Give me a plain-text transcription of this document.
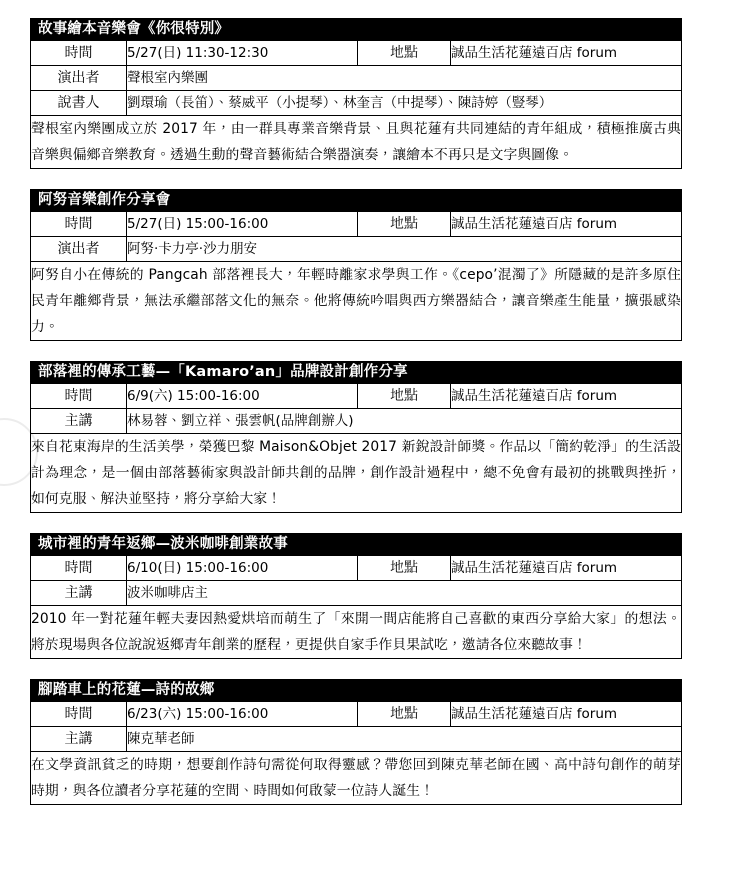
故事繪本音樂會《你很特別》
時間	5/27(日) 11:30-12:30	地點	誠品生活花蓮遠百店 forum
演出者	聲根室內樂團		
說書人	劉環瑜（長笛）、蔡威平（小提琴）、林奎言（中提琴）、陳詩婷（豎琴）		
聲根室內樂團成立於 2017 年，由一群具專業音樂背景、且與花蓮有共同連結的青年組成，積極推廣古典音樂與偏鄉音樂教育。透過生動的聲音藝術結合樂器演奏，讓繪本不再只是文字與圖像。			
阿努音樂創作分享會
時間	5/27(日) 15:00-16:00	地點	誠品生活花蓮遠百店 forum
演出者	阿努‧卡力亭‧沙力朋安		
阿努自小在傳統的 Pangcah 部落裡長大，年輕時離家求學與工作。《cepo’混濁了》所隱藏的是許多原住民青年離鄉背景，無法承繼部落文化的無奈。他將傳統吟唱與西方樂器結合，讓音樂產生能量，擴張感染力。			
部落裡的傳承工藝—「Kamaro’an」品牌設計創作分享
時間	6/9(六) 15:00-16:00	地點	誠品生活花蓮遠百店 forum
主講	林易蓉、劉立祥、張雲帆(品牌創辦人)		
來自花東海岸的生活美學，榮獲巴黎 Maison&Objet 2017 新銳設計師獎。作品以「簡約乾淨」的生活設計為理念，是一個由部落藝術家與設計師共創的品牌，創作設計過程中，總不免會有最初的挑戰與挫折，如何克服、解決並堅持，將分享給大家！			
城市裡的青年返鄉—波米咖啡創業故事
時間	6/10(日) 15:00-16:00	地點	誠品生活花蓮遠百店 forum
主講	波米咖啡店主		
2010 年一對花蓮年輕夫妻因熱愛烘培而萌生了「來開一間店能將自己喜歡的東西分享給大家」的想法。將於現場與各位說說返鄉青年創業的歷程，更提供自家手作貝果試吃，邀請各位來聽故事！			
腳踏車上的花蓮—詩的故鄉
時間	6/23(六) 15:00-16:00	地點	誠品生活花蓮遠百店 forum
主講	陳克華老師		
在文學資訊貧乏的時期，想要創作詩句需從何取得靈感？帶您回到陳克華老師在國、高中詩句創作的萌芽時期，與各位讀者分享花蓮的空間、時間如何啟蒙一位詩人誕生！			
